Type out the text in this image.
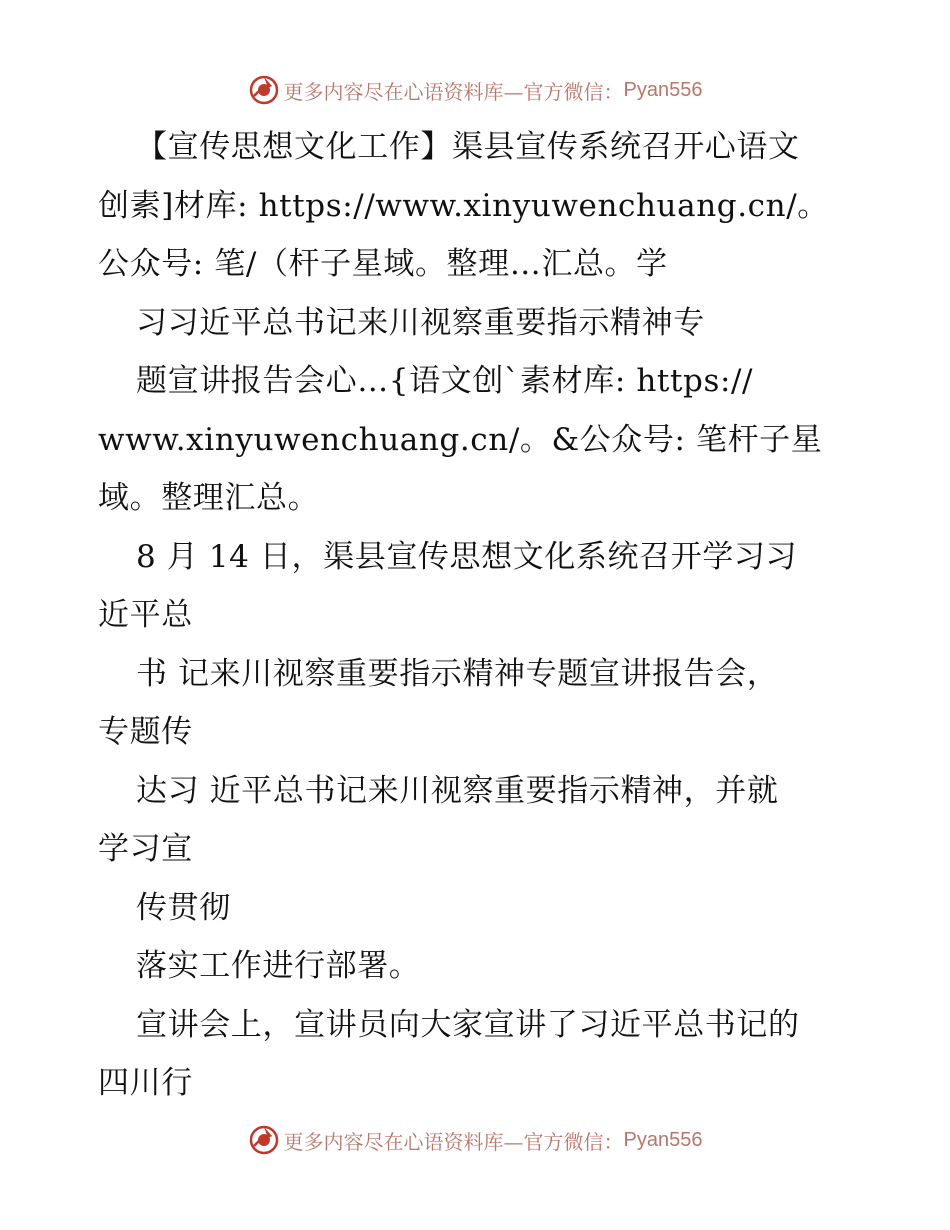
更多内容尽在心语资料库—官方微信： Pyan556
【宣传思想文化工作】渠县宣传系统召开心语文
创素]材库: https://www.xinyuwenchuang.cn/。
公众号: 笔/（杆子星域。整理…汇总。学
习习近平总书记来川视察重要指示精神专
题宣讲报告会心…{语文创`素材库: https://
www.xinyuwenchuang.cn/。&公众号: 笔杆子星
域。整理汇总。
8 月 14 日，渠县宣传思想文化系统召开学习习
近平总
书 记来川视察重要指示精神专题宣讲报告会，
专题传
达习 近平总书记来川视察重要指示精神，并就
学习宣
传贯彻
落实工作进行部署。
宣讲会上，宣讲员向大家宣讲了习近平总书记的
四川行
更多内容尽在心语资料库—官方微信： Pyan556
